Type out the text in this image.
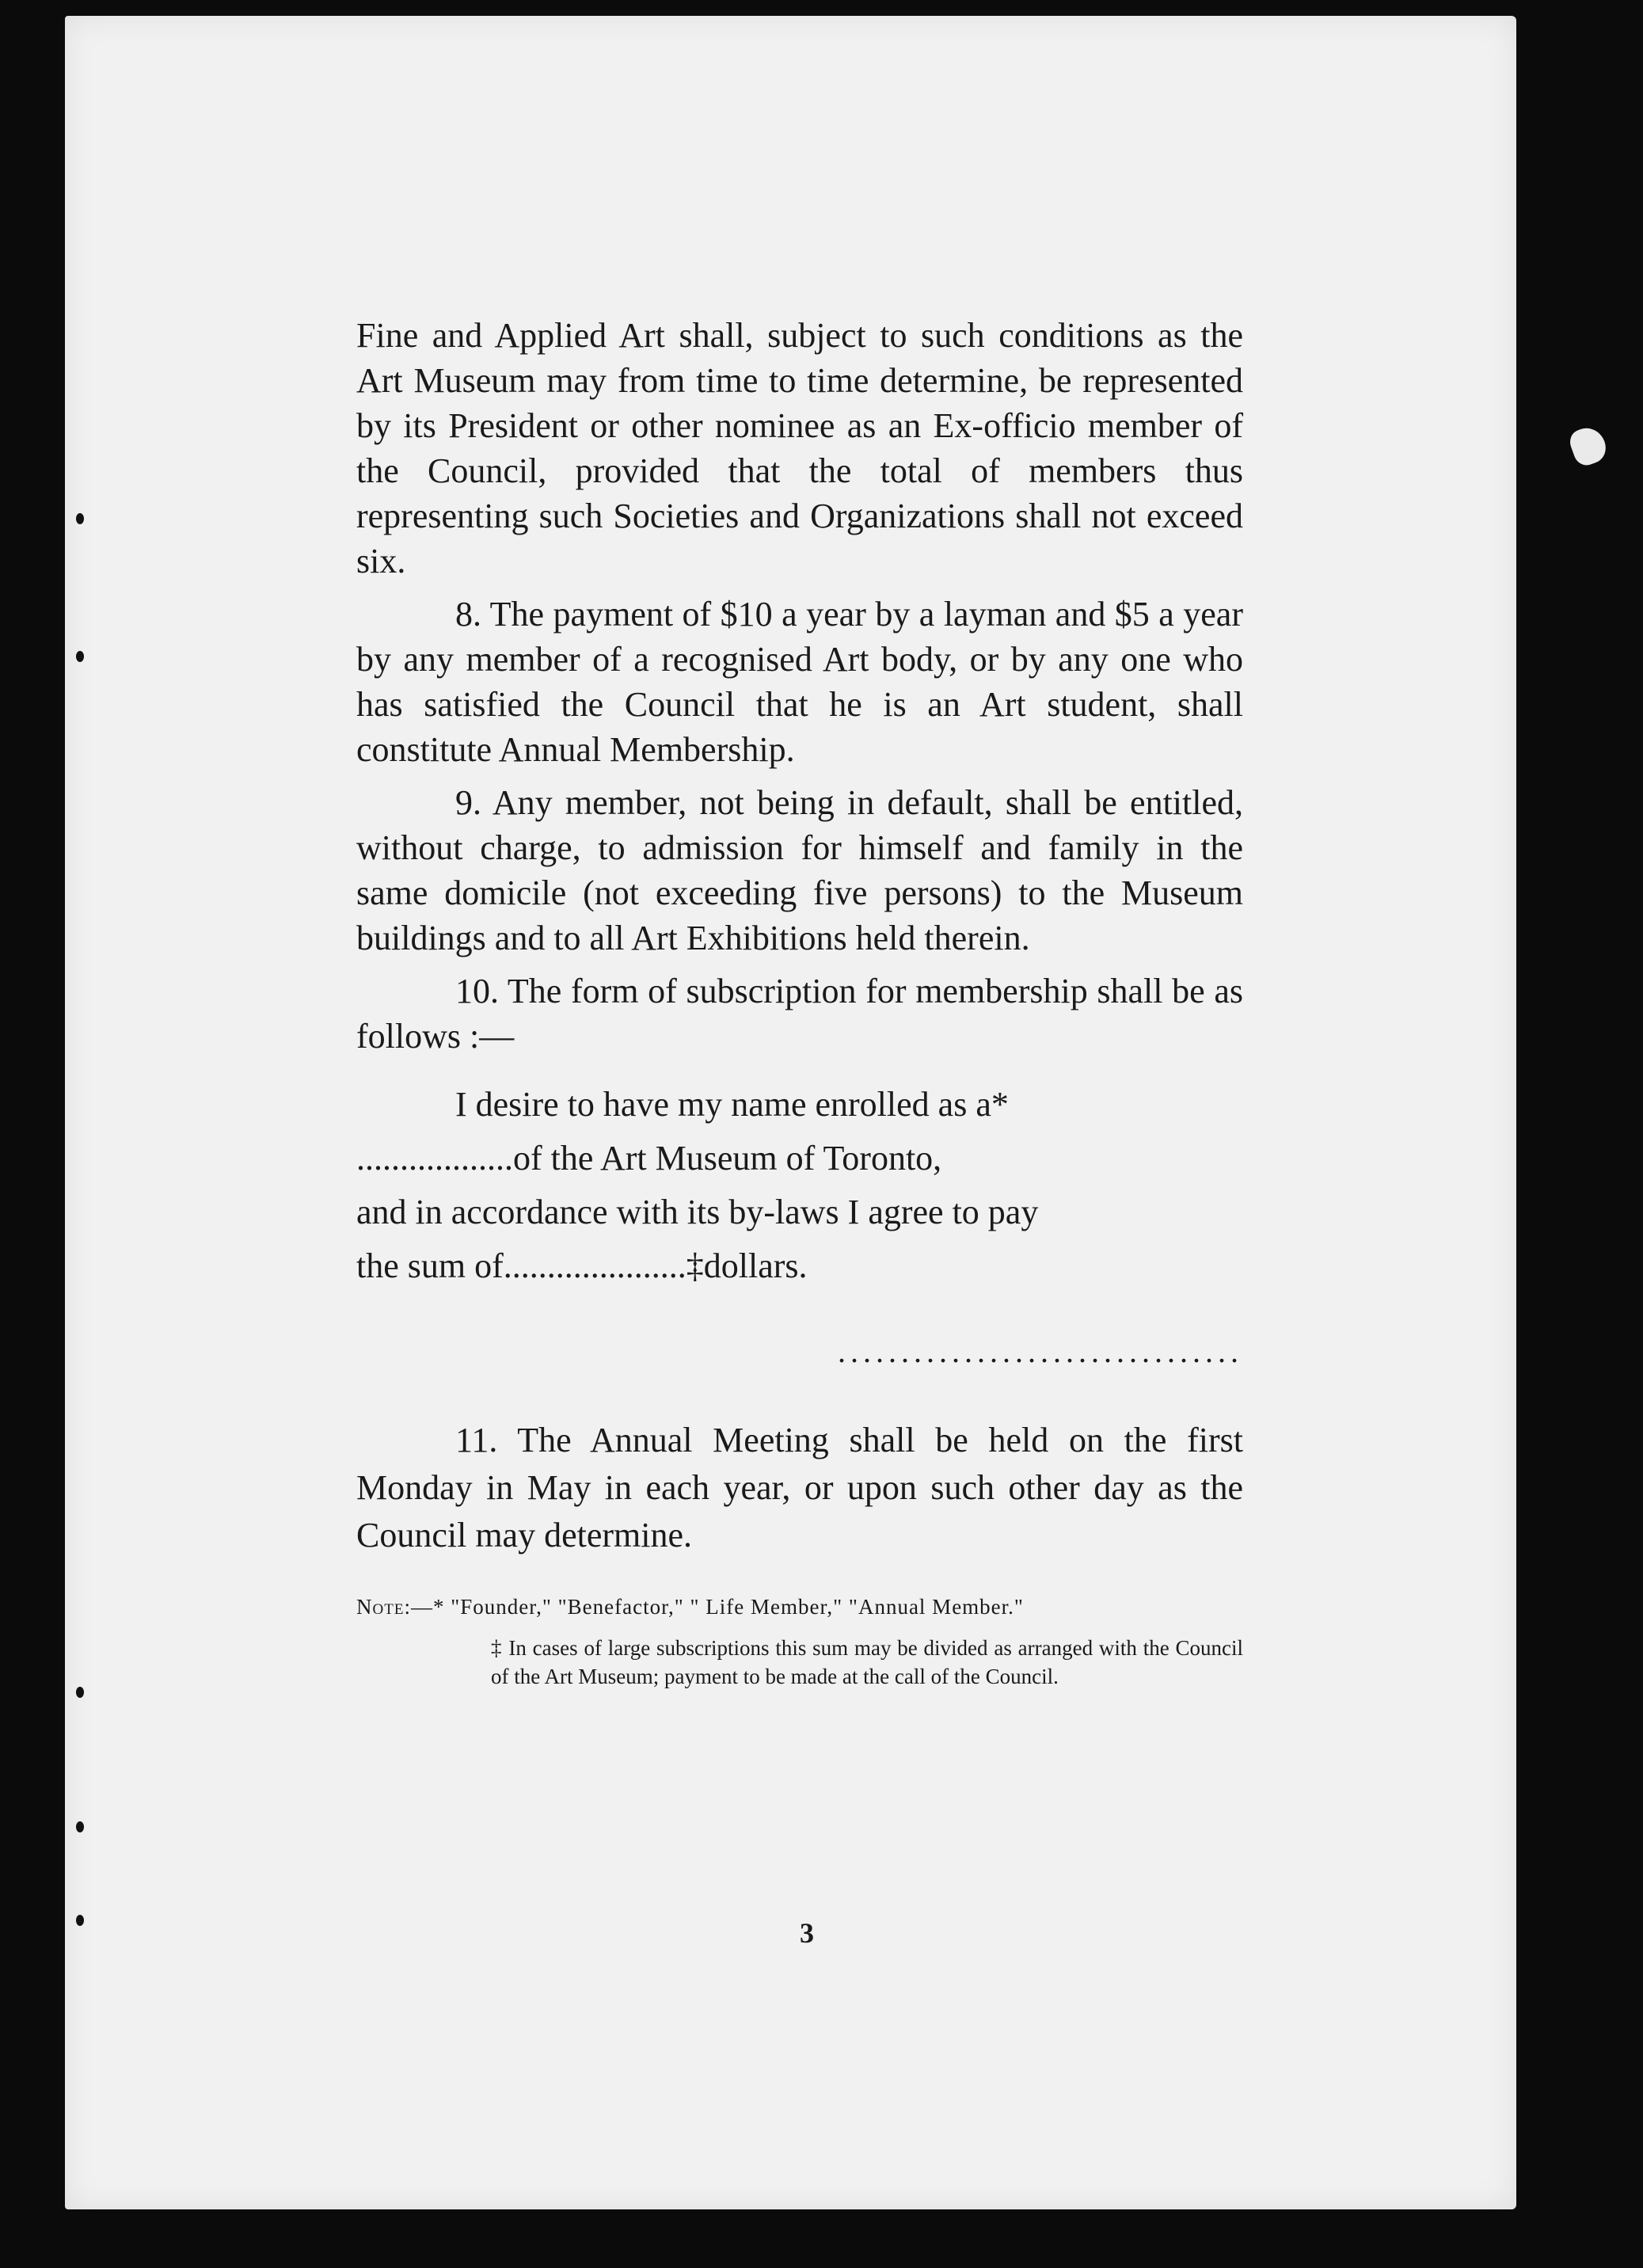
Fine and Applied Art shall, subject to such conditions as the Art Museum may from time to time determine, be represented by its President or other nominee as an Ex-officio member of the Council, provided that the total of members thus representing such Societies and Organizations shall not exceed six.

8. The payment of $10 a year by a layman and $5 a year by any member of a recognised Art body, or by any one who has satisfied the Council that he is an Art student, shall constitute Annual Membership.

9. Any member, not being in default, shall be entitled, without charge, to admission for himself and family in the same domicile (not exceeding five persons) to the Museum buildings and to all Art Exhibitions held therein.

10. The form of subscription for membership shall be as follows :—

I desire to have my name enrolled as a*
..................of the Art Museum of Toronto,
and in accordance with its by-laws I agree to pay
the sum of.....................‡dollars.
................................

11. The Annual Meeting shall be held on the first Monday in May in each year, or upon such other day as the Council may determine.

Note:—* "Founder," "Benefactor," " Life Member," "Annual Member."
‡ In cases of large subscriptions this sum may be divided as arranged with the Council of the Art Museum; payment to be made at the call of the Council.
3
